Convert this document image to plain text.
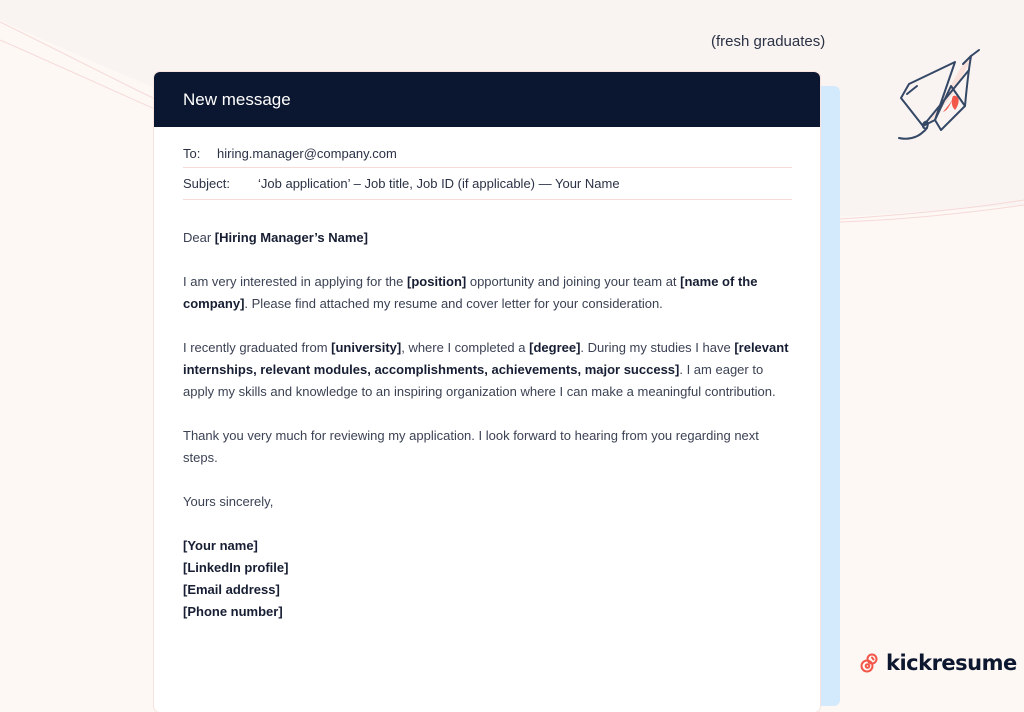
(fresh graduates)
New message
To:	hiring.manager@company.com
Subject:	‘Job application’ – Job title, Job ID (if applicable) — Your Name

Dear [Hiring Manager’s Name]

I am very interested in applying for the [position] opportunity and joining your team at [name of the company]. Please find attached my resume and cover letter for your consideration.

I recently graduated from [university], where I completed a [degree]. During my studies I have [relevant internships, relevant modules, accomplishments, achievements, major success]. I am eager to apply my skills and knowledge to an inspiring organization where I can make a meaningful contribution.

Thank you very much for reviewing my application. I look forward to hearing from you regarding next steps.

Yours sincerely,

[Your name]
[LinkedIn profile]
[Email address]
[Phone number]
kickresume
